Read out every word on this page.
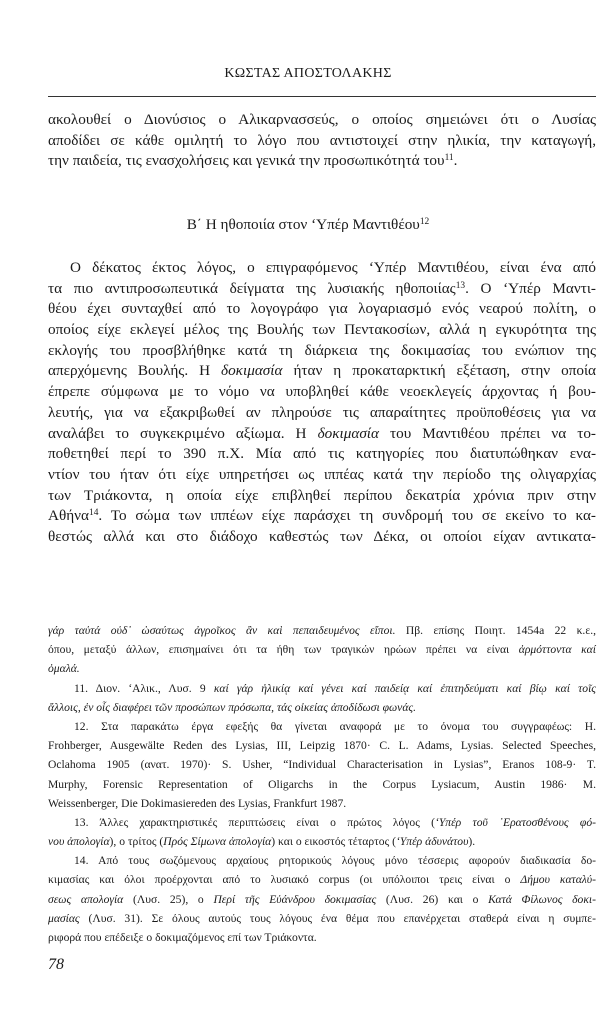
ΚΩΣΤΑΣ ΑΠΟΣΤΟΛΑΚΗΣ
ακολουθεί ο Διονύσιος ο Αλικαρνασσεύς, ο οποίος σημειώνει ότι ο Λυσίας
αποδίδει σε κάθε ομιλητή το λόγο που αντιστοιχεί στην ηλικία, την καταγωγή,
την παιδεία, τις ενασχολήσεις και γενικά την προσωπικότητά του$^{11}$.
Β΄ Η ηθοποιία στον ‘Υπέρ Μαντιθέου$^{12}$
Ο δέκατος έκτος λόγος, ο επιγραφόμενος ‘Υπέρ Μαντιθέου, είναι ένα από
τα πιο αντιπροσωπευτικά δείγματα της λυσιακής ηθοποιίας$^{13}$. Ο ‘Υπέρ Μαντι-
θέου έχει συνταχθεί από το λογογράφο για λογαριασμό ενός νεαρού πολίτη, ο
οποίος είχε εκλεγεί μέλος της Βουλής των Πεντακοσίων, αλλά η εγκυρότητα της
εκλογής του προσβλήθηκε κατά τη διάρκεια της δοκιμασίας του ενώπιον της
απερχόμενης Βουλής. Η δοκιμασία ήταν η προκαταρκτική εξέταση, στην οποία
έπρεπε σύμφωνα με το νόμο να υποβληθεί κάθε νεοεκλεγείς άρχοντας ή βου-
λευτής, για να εξακριβωθεί αν πληρούσε τις απαραίτητες προϋποθέσεις για να
αναλάβει το συγκεκριμένο αξίωμα. Η δοκιμασία του Μαντιθέου πρέπει να το-
ποθετηθεί περί το 390 π.Χ. Μία από τις κατηγορίες που διατυπώθηκαν ενα-
ντίον του ήταν ότι είχε υπηρετήσει ως ιππέας κατά την περίοδο της ολιγαρχίας
των Τριάκοντα, η οποία είχε επιβληθεί περίπου δεκατρία χρόνια πριν στην
Αθήνα$^{14}$. Το σώμα των ιππέων είχε παράσχει τη συνδρομή του σε εκείνο το κα-
θεστώς αλλά και στο διάδοχο καθεστώς των Δέκα, οι οποίοι είχαν αντικατα-
γάρ ταὐτά οὐδ᾽ ὡσαύτως ἀγροῖκος ἂν καὶ πεπαιδευμένος εἴποι. Πβ. επίσης Ποιητ. 1454a 22 κ.ε.,
όπου, μεταξύ άλλων, επισημαίνει ότι τα ήθη των τραγικών ηρώων πρέπει να είναι ἁρμόττοντα καί
ὁμαλά.
11. Διον. ‘Αλικ., Λυσ. 9 καί γάρ ἡλικίᾳ καί γένει καί παιδείᾳ καί ἐπιτηδεύματι καί βίῳ καί τοῖς
ἄλλοις, ἐν οἷς διαφέρει τῶν προσώπων πρόσωπα, τάς οἰκείας ἀποδίδωσι φωνάς.
12. Στα παρακάτω έργα εφεξής θα γίνεται αναφορά με το όνομα του συγγραφέως: Η.
Frohberger, Ausgewälte Reden des Lysias, III, Leipzig 1870· C. L. Adams, Lysias. Selected Speeches,
Oclahoma 1905 (ανατ. 1970)· S. Usher, “Individual Characterisation in Lysias”, Eranos 108-9· T.
Murphy, Forensic Representation of Oligarchs in the Corpus Lysiacum, Austin 1986· M.
Weissenberger, Die Dokimasiereden des Lysias, Frankfurt 1987.
13. Άλλες χαρακτηριστικές περιπτώσεις είναι ο πρώτος λόγος (‘Υπέρ τοῦ ᾿Ερατοσθένους φό-
νου ἀπολογία), ο τρίτος (Πρός Σίμωνα ἀπολογία) και ο εικοστός τέταρτος (‘Υπέρ ἀδυνάτου).
14. Από τους σωζόμενους αρχαίους ρητορικούς λόγους μόνο τέσσερις αφορούν διαδικασία δο-
κιμασίας και όλοι προέρχονται από το λυσιακό corpus (οι υπόλοιποι τρεις είναι ο Δήμου καταλύ-
σεως απολογία (Λυσ. 25), ο Περί τῆς Εὐάνδρου δοκιμασίας (Λυσ. 26) και ο Κατά Φίλωνος δοκι-
μασίας (Λυσ. 31). Σε όλους αυτούς τους λόγους ένα θέμα που επανέρχεται σταθερά είναι η συμπε-
ριφορά που επέδειξε ο δοκιμαζόμενος επί των Τριάκοντα.
78
